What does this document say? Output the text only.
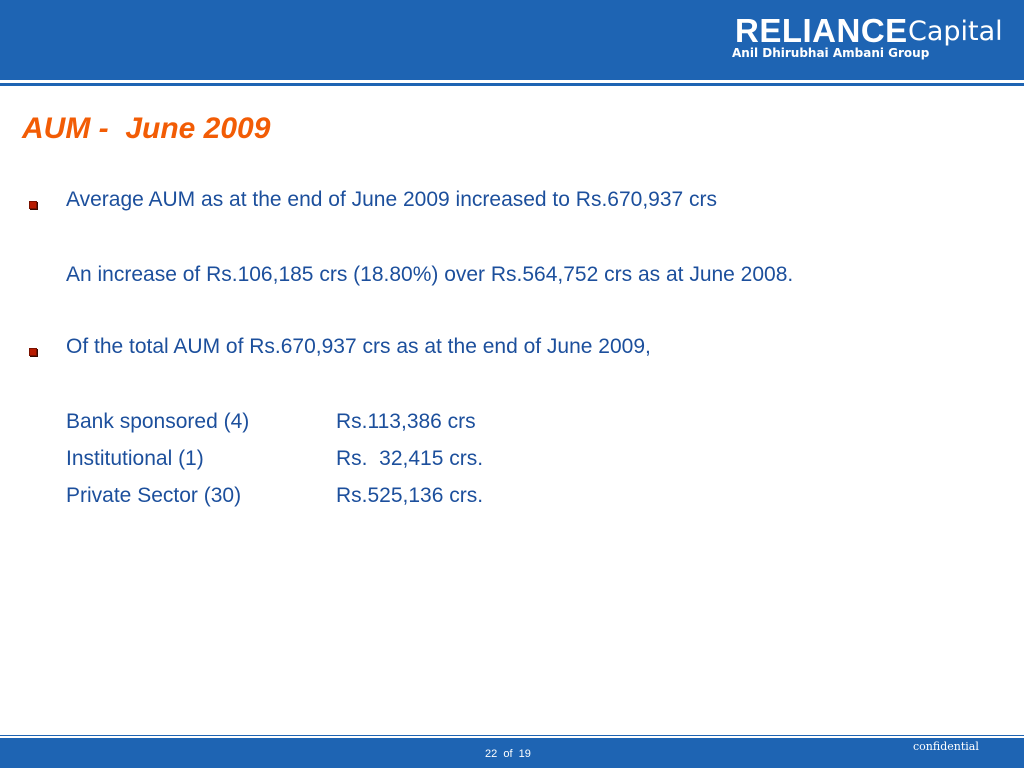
RELIANCE Capital
Anil Dhirubhai Ambani Group
AUM -  June 2009
Average AUM as at the end of June 2009 increased to Rs.670,937 crs
An increase of Rs.106,185 crs (18.80%) over Rs.564,752 crs as at June 2008.
Of the total AUM of Rs.670,937 crs as at the end of June 2009,
Bank sponsored (4)	Rs.113,386 crs
Institutional (1)	Rs.  32,415 crs.
Private Sector (30)	Rs.525,136 crs.
22  of  19
confidential
